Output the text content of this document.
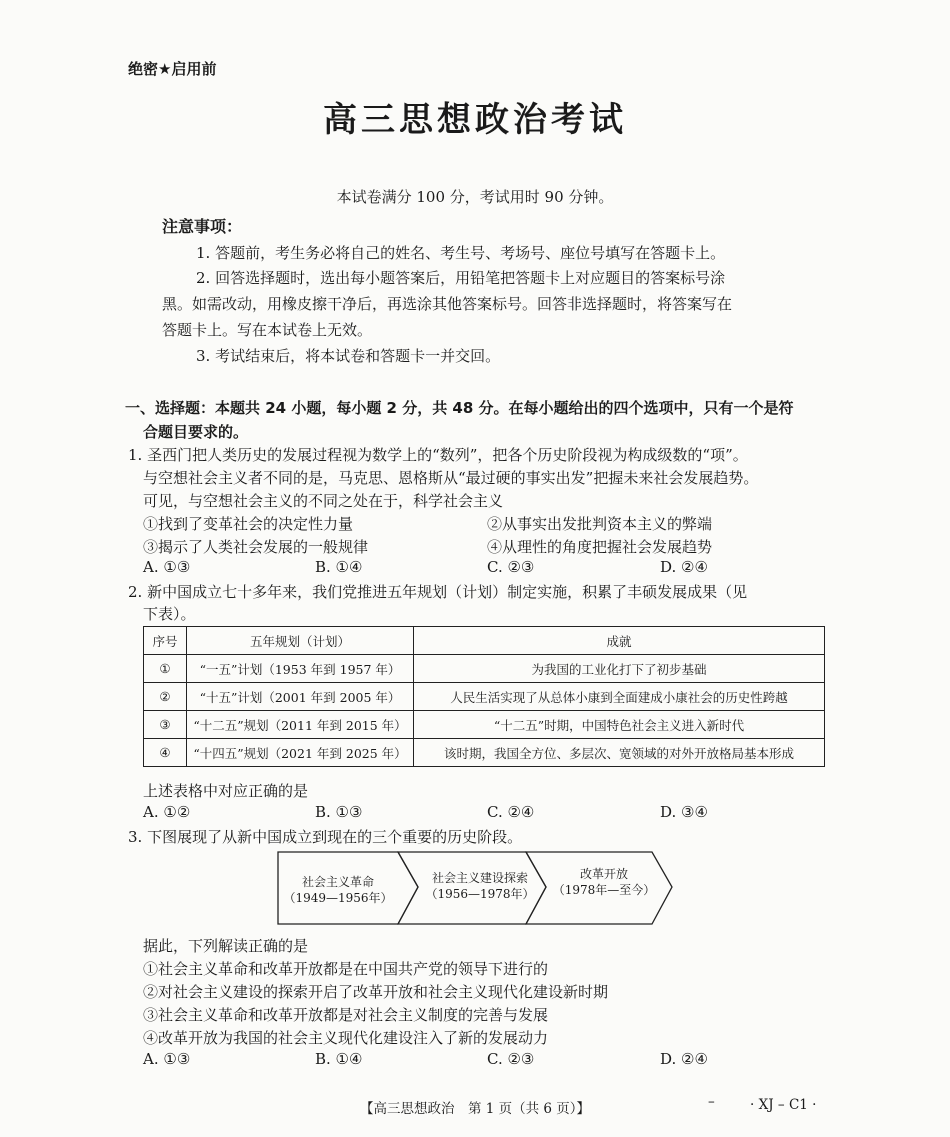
绝密★启用前
高三思想政治考试
本试卷满分 100 分，考试用时 90 分钟。
注意事项：
1. 答题前，考生务必将自己的姓名、考生号、考场号、座位号填写在答题卡上。
2. 回答选择题时，选出每小题答案后，用铅笔把答题卡上对应题目的答案标号涂
黑。如需改动，用橡皮擦干净后，再选涂其他答案标号。回答非选择题时，将答案写在
答题卡上。写在本试卷上无效。
3. 考试结束后，将本试卷和答题卡一并交回。
一、选择题：本题共 24 小题，每小题 2 分，共 48 分。在每小题给出的四个选项中，只有一个是符
合题目要求的。
1. 圣西门把人类历史的发展过程视为数学上的“数列”，把各个历史阶段视为构成级数的“项”。
与空想社会主义者不同的是，马克思、恩格斯从“最过硬的事实出发”把握未来社会发展趋势。
可见，与空想社会主义的不同之处在于，科学社会主义
①找到了变革社会的决定性力量	②从事实出发批判资本主义的弊端
③揭示了人类社会发展的一般规律	④从理性的角度把握社会发展趋势
A. ①③	B. ①④	C. ②③	D. ②④
2. 新中国成立七十多年来，我们党推进五年规划（计划）制定实施，积累了丰硕发展成果（见
下表）。
序号	五年规划（计划）	成就
①	“一五”计划（1953 年到 1957 年）	为我国的工业化打下了初步基础
②	“十五”计划（2001 年到 2005 年）	人民生活实现了从总体小康到全面建成小康社会的历史性跨越
③	“十二五”规划（2011 年到 2015 年）	“十二五”时期，中国特色社会主义进入新时代
④	“十四五”规划（2021 年到 2025 年）	该时期，我国全方位、多层次、宽领域的对外开放格局基本形成
上述表格中对应正确的是
A. ①②	B. ①③	C. ②④	D. ③④
3. 下图展现了从新中国成立到现在的三个重要的历史阶段。
社会主义革命
（1949—1956年）
社会主义建设探索
（1956—1978年）
改革开放
（1978年—至今）
据此，下列解读正确的是
①社会主义革命和改革开放都是在中国共产党的领导下进行的
②对社会主义建设的探索开启了改革开放和社会主义现代化建设新时期
③社会主义革命和改革开放都是对社会主义制度的完善与发展
④改革开放为我国的社会主义现代化建设注入了新的发展动力
A. ①③	B. ①④	C. ②③	D. ②④
【高三思想政治　第 1 页（共 6 页）】	–	· XJ – C1 ·
